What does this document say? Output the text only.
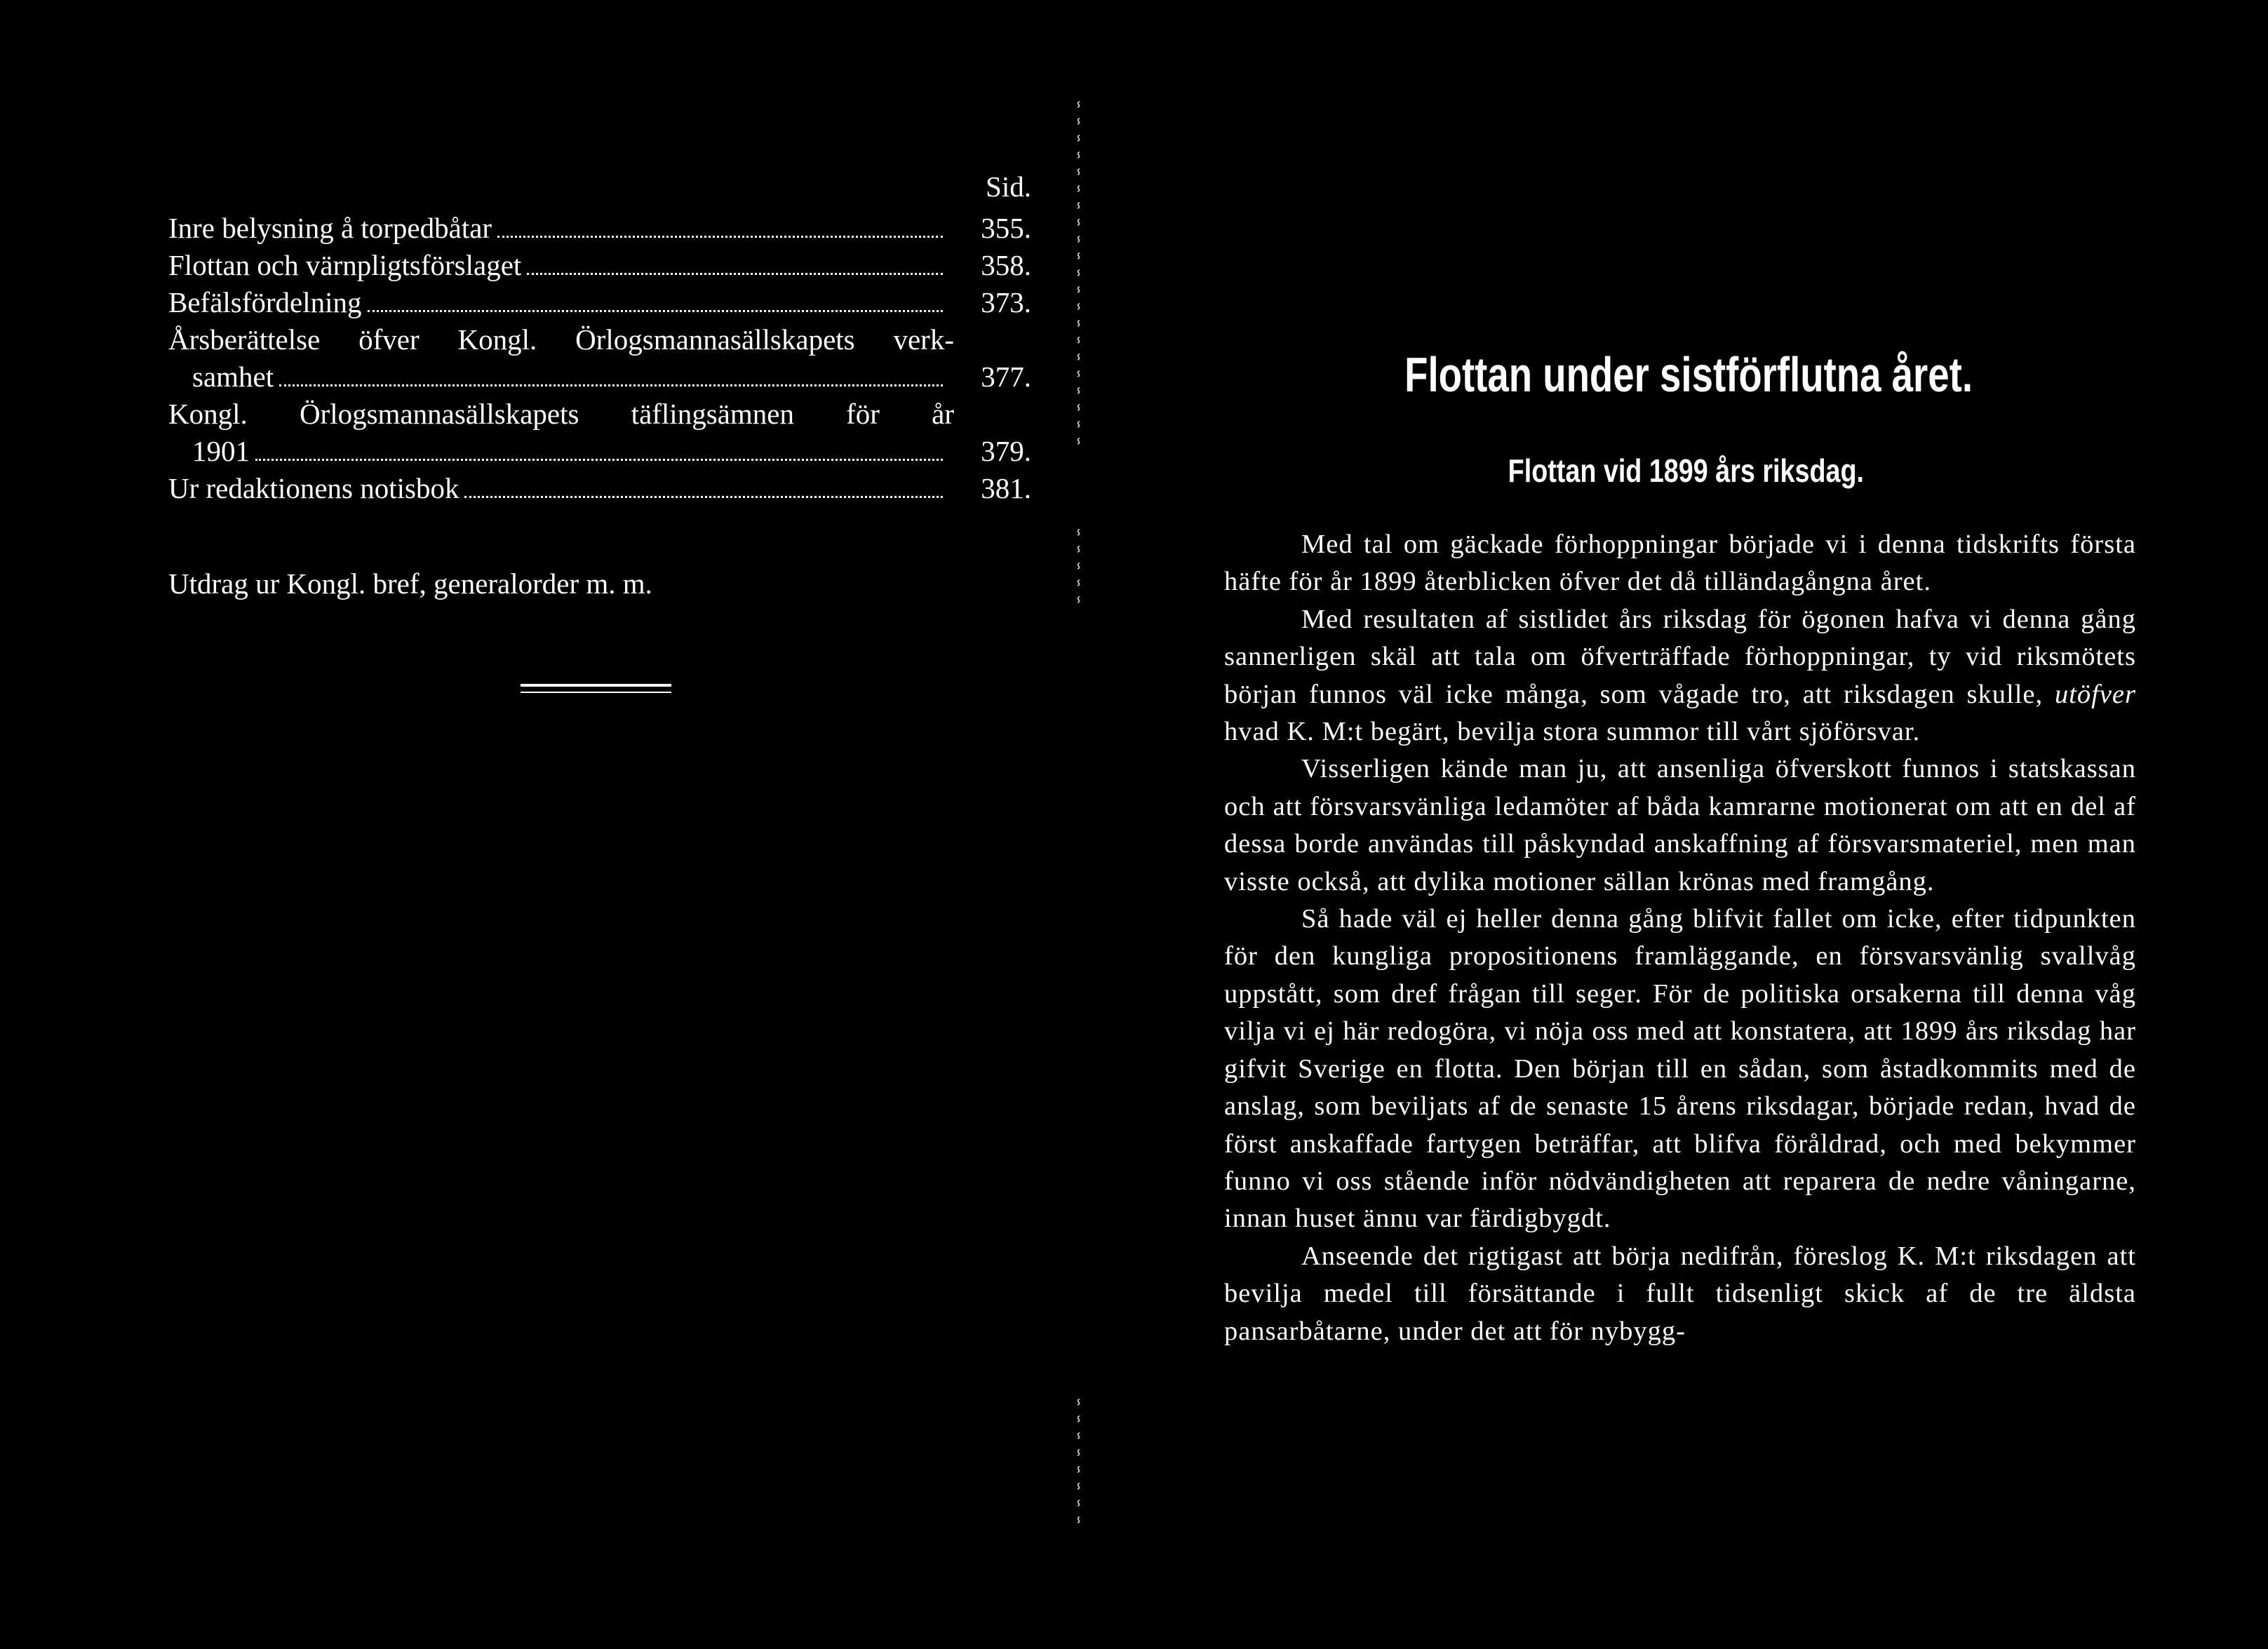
Sid.
Inre belysning å torpedbåtar	355.
Flottan och värnpligtsförslaget	358.
Befälsfördelning	373.
Årsberättelse öfver Kongl. Örlogsmannasällskapets verk-
samhet	377.
Kongl. Örlogsmannasällskapets täflingsämnen för år
1901	379.
Ur redaktionens notisbok	381.
Utdrag ur Kongl. bref, generalorder m. m.
ⸯ ⸯ ⸯ ⸯ ⸯ ⸯ ⸯ ⸯ ⸯ ⸯ ⸯ ⸯ ⸯ ⸯ ⸯ ⸯ ⸯ ⸯ ⸯ ⸯ ⸯ
ⸯ ⸯ ⸯ ⸯ ⸯ
ⸯ ⸯ ⸯ ⸯ ⸯ ⸯ ⸯ ⸯ
Flottan under sistförflutna året.
Flottan vid 1899 års riksdag.

Med tal om gäckade förhoppningar började vi i denna tidskrifts första häfte för år 1899 återblicken öfver det då tilländagångna året.

Med resultaten af sistlidet års riksdag för ögonen hafva vi denna gång sannerligen skäl att tala om öfverträffade förhoppningar, ty vid riksmötets början funnos väl icke många, som vågade tro, att riksdagen skulle, utöfver hvad K. M:t begärt, bevilja stora summor till vårt sjöförsvar.

Visserligen kände man ju, att ansenliga öfverskott funnos i statskassan och att försvarsvänliga ledamöter af båda kamrarne motionerat om att en del af dessa borde användas till påskyndad anskaffning af försvarsmateriel, men man visste också, att dylika motioner sällan krönas med framgång.

Så hade väl ej heller denna gång blifvit fallet om icke, efter tidpunkten för den kungliga propositionens framläggande, en försvarsvänlig svallvåg uppstått, som dref frågan till seger. För de politiska orsakerna till denna våg vilja vi ej här redogöra, vi nöja oss med att konstatera, att 1899 års riksdag har gifvit Sverige en flotta. Den början till en sådan, som åstadkommits med de anslag, som beviljats af de senaste 15 årens riksdagar, började redan, hvad de först anskaffade fartygen beträffar, att blifva föråldrad, och med bekymmer funno vi oss stående inför nödvändigheten att reparera de nedre våningarne, innan huset ännu var färdigbygdt.

Anseende det rigtigast att börja nedifrån, föreslog K. M:t riksdagen att bevilja medel till försättande i fullt tidsenligt skick af de tre äldsta pansarbåtarne, under det att för nybygg-
